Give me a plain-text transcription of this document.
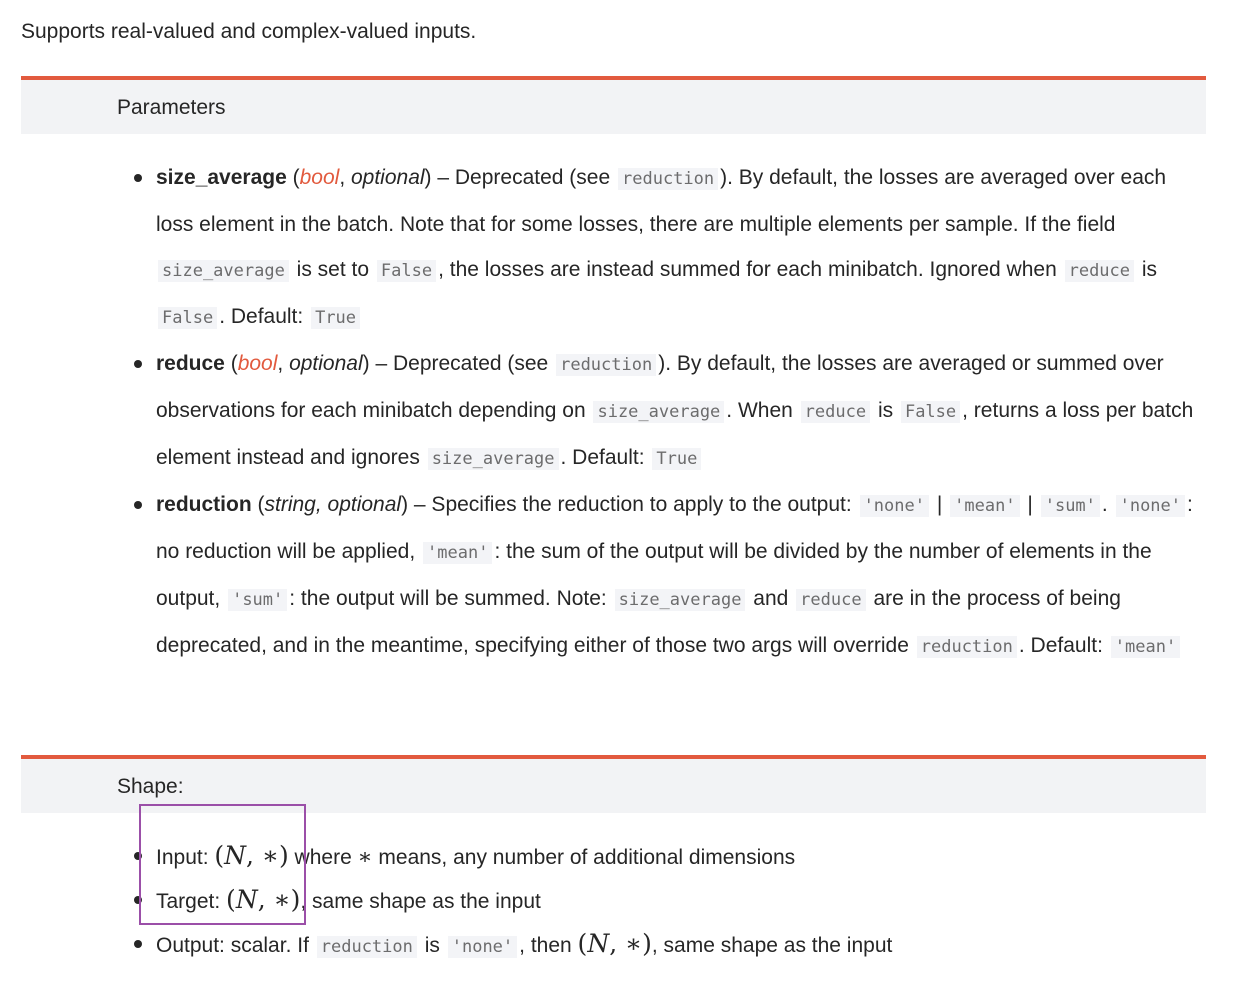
Supports real-valued and complex-valued inputs.
Parameters
size_average (bool, optional) – Deprecated (see reduction ). By default, the losses are averaged over each loss element in the batch. Note that for some losses, there are multiple elements per sample. If the field size_average is set to False , the losses are instead summed for each minibatch. Ignored when reduce is False . Default: True
reduce (bool, optional) – Deprecated (see reduction ). By default, the losses are averaged or summed over observations for each minibatch depending on size_average . When reduce is False , returns a loss per batch element instead and ignores size_average . Default: True
reduction (string, optional) – Specifies the reduction to apply to the output: 'none' | 'mean' | 'sum' . 'none' : no reduction will be applied, 'mean' : the sum of the output will be divided by the number of elements in the output, 'sum' : the output will be summed. Note: size_average and reduce are in the process of being deprecated, and in the meantime, specifying either of those two args will override reduction . Default: 'mean'
Shape:
Input: (N, ∗) where ∗ means, any number of additional dimensions
Target: (N, ∗), same shape as the input
Output: scalar. If reduction is 'none' , then (N, ∗), same shape as the input
